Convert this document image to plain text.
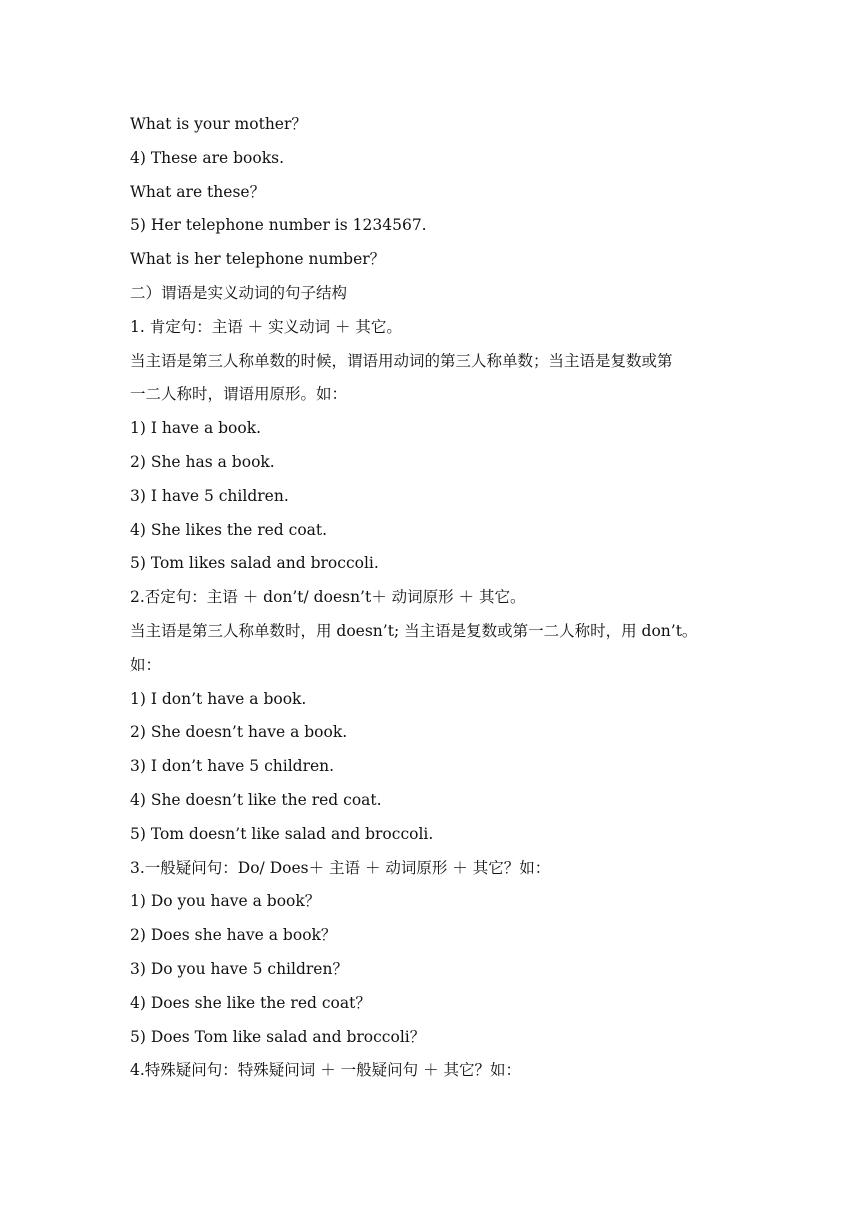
What is your mother？
4) These are books.
What are these？
5) Her telephone number is 1234567.
What is her telephone number？
二）谓语是实义动词的句子结构
1. 肯定句：主语 ＋ 实义动词 ＋ 其它。
当主语是第三人称单数的时候，谓语用动词的第三人称单数；当主语是复数或第
一二人称时，谓语用原形。如：
1) I have a book.
2) She has a book.
3) I have 5 children.
4) She likes the red coat.
5) Tom likes salad and broccoli.
2.否定句：主语 ＋ don’t/ doesn’t＋ 动词原形 ＋ 其它。
当主语是第三人称单数时，用 doesn’t; 当主语是复数或第一二人称时，用 don’t。
如：
1) I don’t have a book.
2) She doesn’t have a book.
3) I don’t have 5 children.
4) She doesn’t like the red coat.
5) Tom doesn’t like salad and broccoli.
3.一般疑问句：Do/ Does＋ 主语 ＋ 动词原形 ＋ 其它？如：
1) Do you have a book？
2) Does she have a book？
3) Do you have 5 children？
4) Does she like the red coat？
5) Does Tom like salad and broccoli？
4.特殊疑问句：特殊疑问词 ＋ 一般疑问句 ＋ 其它？如：
